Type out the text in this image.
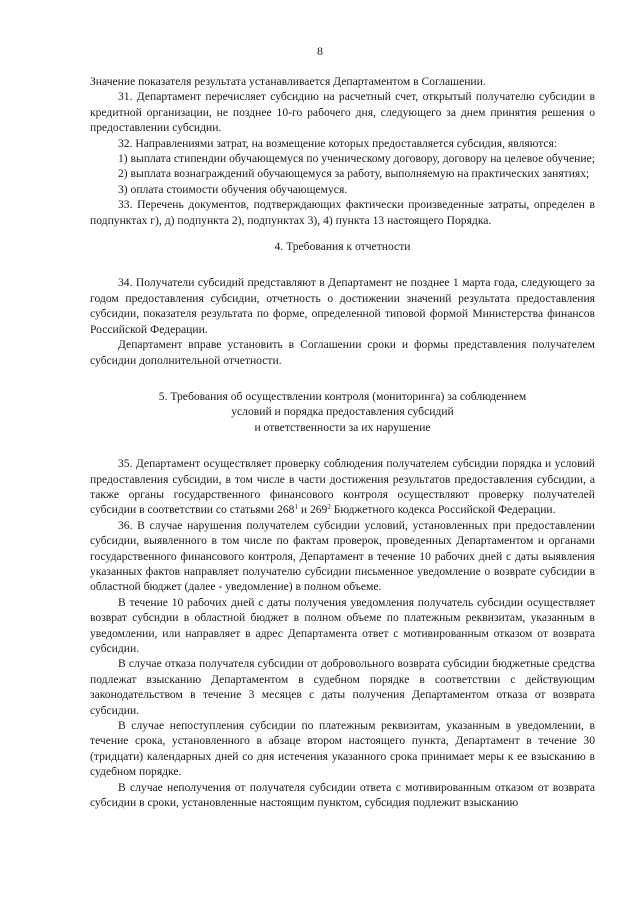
8

Значение показателя результата устанавливается Департаментом в Соглашении.

31. Департамент перечисляет субсидию на расчетный счет, открытый получателю субсидии в кредитной организации, не позднее 10-го рабочего дня, следующего за днем принятия решения о предоставлении субсидии.

32. Направлениями затрат, на возмещение которых предоставляется субсидия, являются:

1) выплата стипендии обучающемуся по ученическому договору, договору на целевое обучение;

2) выплата вознаграждений обучающемуся за работу, выполняемую на практических занятиях;

3) оплата стоимости обучения обучающемуся.

33. Перечень документов, подтверждающих фактически произведенные затраты, определен в подпунктах г), д) подпункта 2), подпунктах 3), 4) пункта 13 настоящего Порядка.

4. Требования к отчетности

34. Получатели субсидий представляют в Департамент не позднее 1 марта года, следующего за годом предоставления субсидии, отчетность о достижении значений результата предоставления субсидии, показателя результата по форме, определенной типовой формой Министерства финансов Российской Федерации.

Департамент вправе установить в Соглашении сроки и формы представления получателем субсидии дополнительной отчетности.

5. Требования об осуществлении контроля (мониторинга) за соблюдением
условий и порядка предоставления субсидий
и ответственности за их нарушение

35. Департамент осуществляет проверку соблюдения получателем субсидии порядка и условий предоставления субсидии, в том числе в части достижения результатов предоставления субсидии, а также органы государственного финансового контроля осуществляют проверку получателей субсидии в соответствии со статьями $268^1$ и $269^2$ Бюджетного кодекса Российской Федерации.

36. В случае нарушения получателем субсидии условий, установленных при предоставлении субсидии, выявленного в том числе по фактам проверок, проведенных Департаментом и органами государственного финансового контроля, Департамент в течение 10 рабочих дней с даты выявления указанных фактов направляет получателю субсидии письменное уведомление о возврате субсидии в областной бюджет (далее - уведомление) в полном объеме.

В течение 10 рабочих дней с даты получения уведомления получатель субсидии осуществляет возврат субсидии в областной бюджет в полном объеме по платежным реквизитам, указанным в уведомлении, или направляет в адрес Департамента ответ с мотивированным отказом от возврата субсидии.

В случае отказа получателя субсидии от добровольного возврата субсидии бюджетные средства подлежат взысканию Департаментом в судебном порядке в соответствии с действующим законодательством в течение 3 месяцев с даты получения Департаментом отказа от возврата субсидии.

В случае непоступления субсидии по платежным реквизитам, указанным в уведомлении, в течение срока, установленного в абзаце втором настоящего пункта, Департамент в течение 30 (тридцати) календарных дней со дня истечения указанного срока принимает меры к ее взысканию в судебном порядке.

В случае неполучения от получателя субсидии ответа с мотивированным отказом от возврата субсидии в сроки, установленные настоящим пунктом, субсидия подлежит взысканию
